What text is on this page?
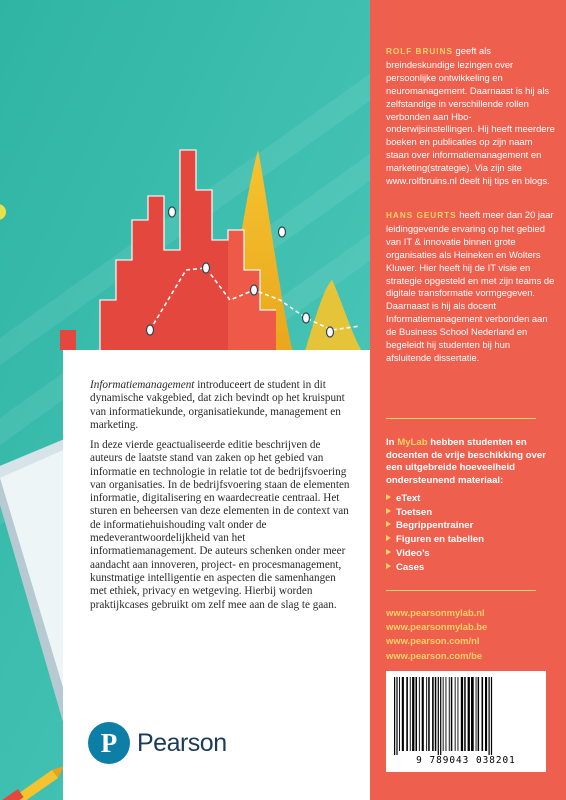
ROLF BRUINS geeft als breindeskundige lezingen over persoonlijke ontwikkeling en neuromanagement. Daarnaast is hij als zelfstandige in verschillende rollen verbonden aan Hbo-onderwijsinstellingen. Hij heeft meerdere boeken en publicaties op zijn naam staan over informatiemanagement en marketing(strategie). Via zijn site www.rolfbruins.nl deelt hij tips en blogs.

HANS GEURTS heeft meer dan 20 jaar leidinggevende ervaring op het gebied van IT & innovatie binnen grote organisaties als Heineken en Wolters Kluwer. Hier heeft hij de IT visie en strategie opgesteld en met zijn teams de digitale transformatie vormgegeven. Daarnaast is hij als docent Informatiemanagement verbonden aan de Business School Nederland en begeleidt hij studenten bij hun afsluitende dissertatie.

In MyLab hebben studenten en docenten de vrije beschikking over een uitgebreide hoeveelheid ondersteunend materiaal:

eText
Toetsen
Begrippentrainer
Figuren en tabellen
Video’s
Cases
www.pearsonmylab.nl
www.pearsonmylab.be
www.pearson.com/nl
www.pearson.com/be
9 789043 038201

Informatiemanagement introduceert de student in dit dynamische vakgebied, dat zich bevindt op het kruispunt van informatiekunde, organisatiekunde, management en marketing.

In deze vierde geactualiseerde editie beschrijven de auteurs de laatste stand van zaken op het gebied van informatie en technologie in relatie tot de bedrijfsvoering van organisaties. In de bedrijfsvoering staan de elementen informatie, digitalisering en waardecreatie centraal. Het sturen en beheersen van deze elementen in de context van de informatiehuishouding valt onder de medeverantwoordelijkheid van het informatiemanagement. De auteurs schenken onder meer aandacht aan innoveren, project- en procesmanagement, kunstmatige intelligentie en aspecten die samenhangen met ethiek, privacy en wetgeving. Hierbij worden praktijkcases gebruikt om zelf mee aan de slag te gaan.

P Pearson
